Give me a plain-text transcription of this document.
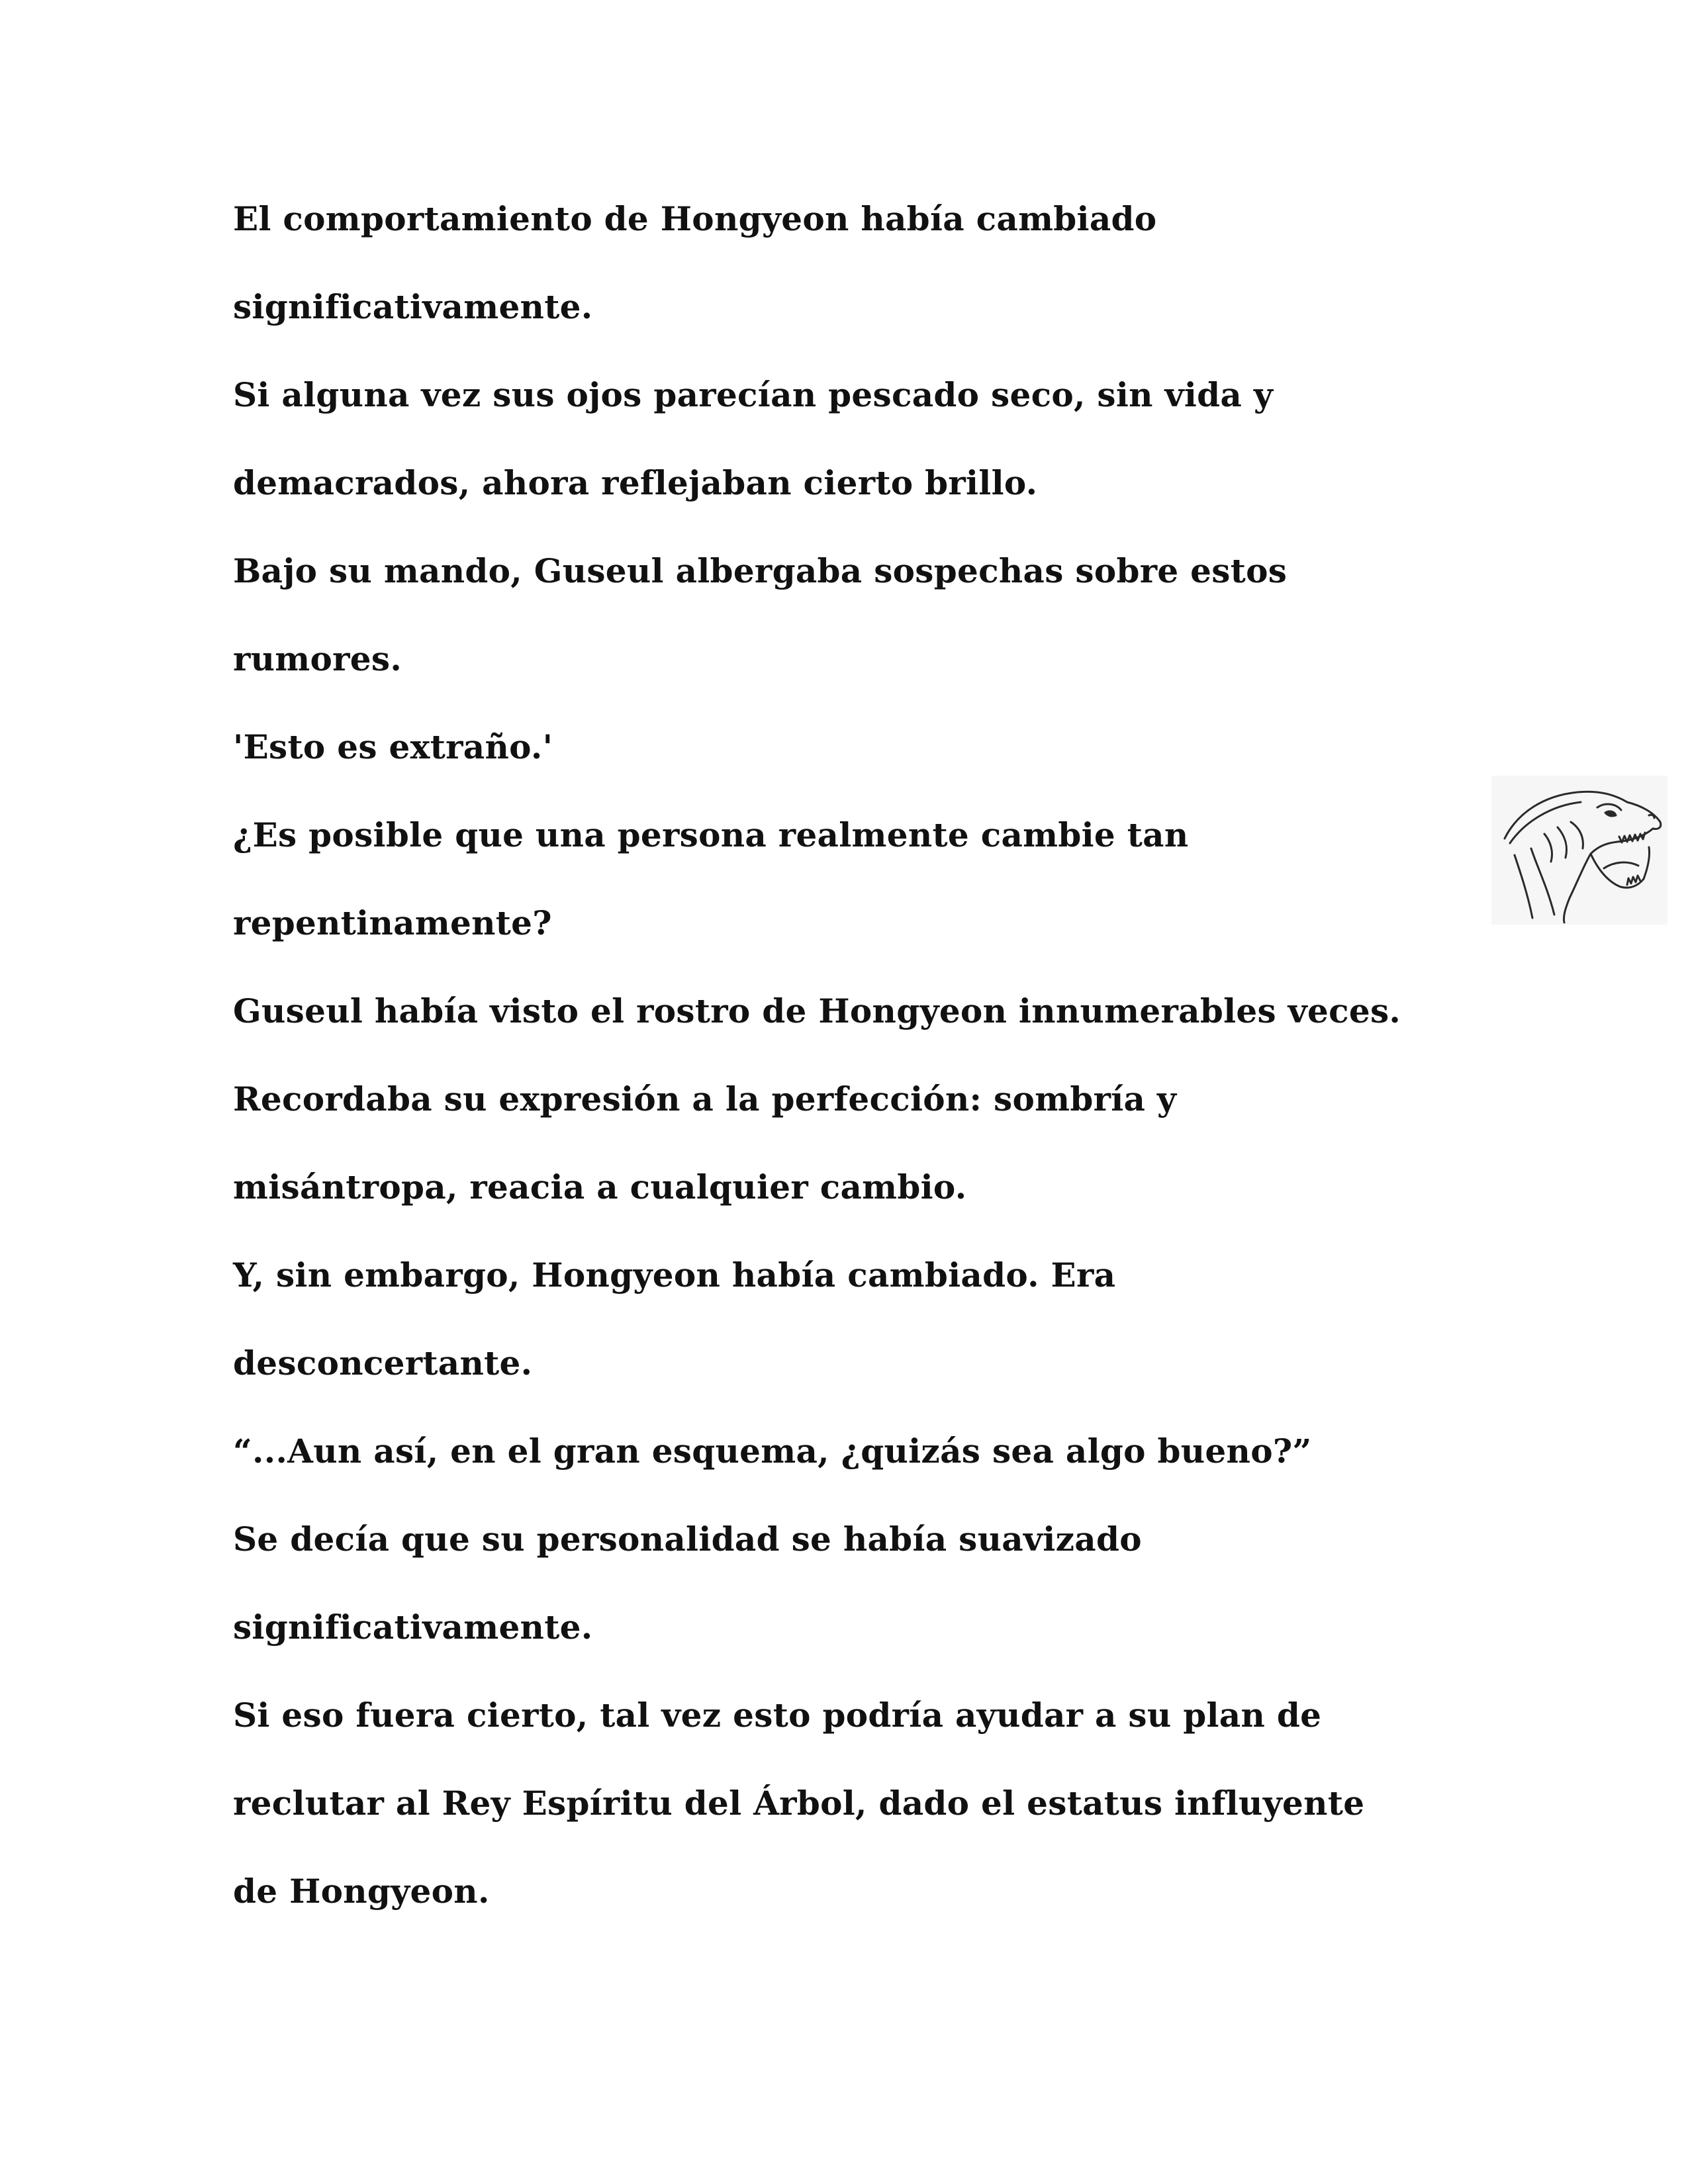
El comportamiento de Hongyeon había cambiado
significativamente.
Si alguna vez sus ojos parecían pescado seco, sin vida y
demacrados, ahora reflejaban cierto brillo.
Bajo su mando, Guseul albergaba sospechas sobre estos
rumores.
'Esto es extraño.'
¿Es posible que una persona realmente cambie tan
repentinamente?
Guseul había visto el rostro de Hongyeon innumerables veces.
Recordaba su expresión a la perfección: sombría y
misántropa, reacia a cualquier cambio.
Y, sin embargo, Hongyeon había cambiado. Era
desconcertante.
“...Aun así, en el gran esquema, ¿quizás sea algo bueno?”
Se decía que su personalidad se había suavizado
significativamente.
Si eso fuera cierto, tal vez esto podría ayudar a su plan de
reclutar al Rey Espíritu del Árbol, dado el estatus influyente
de Hongyeon.
